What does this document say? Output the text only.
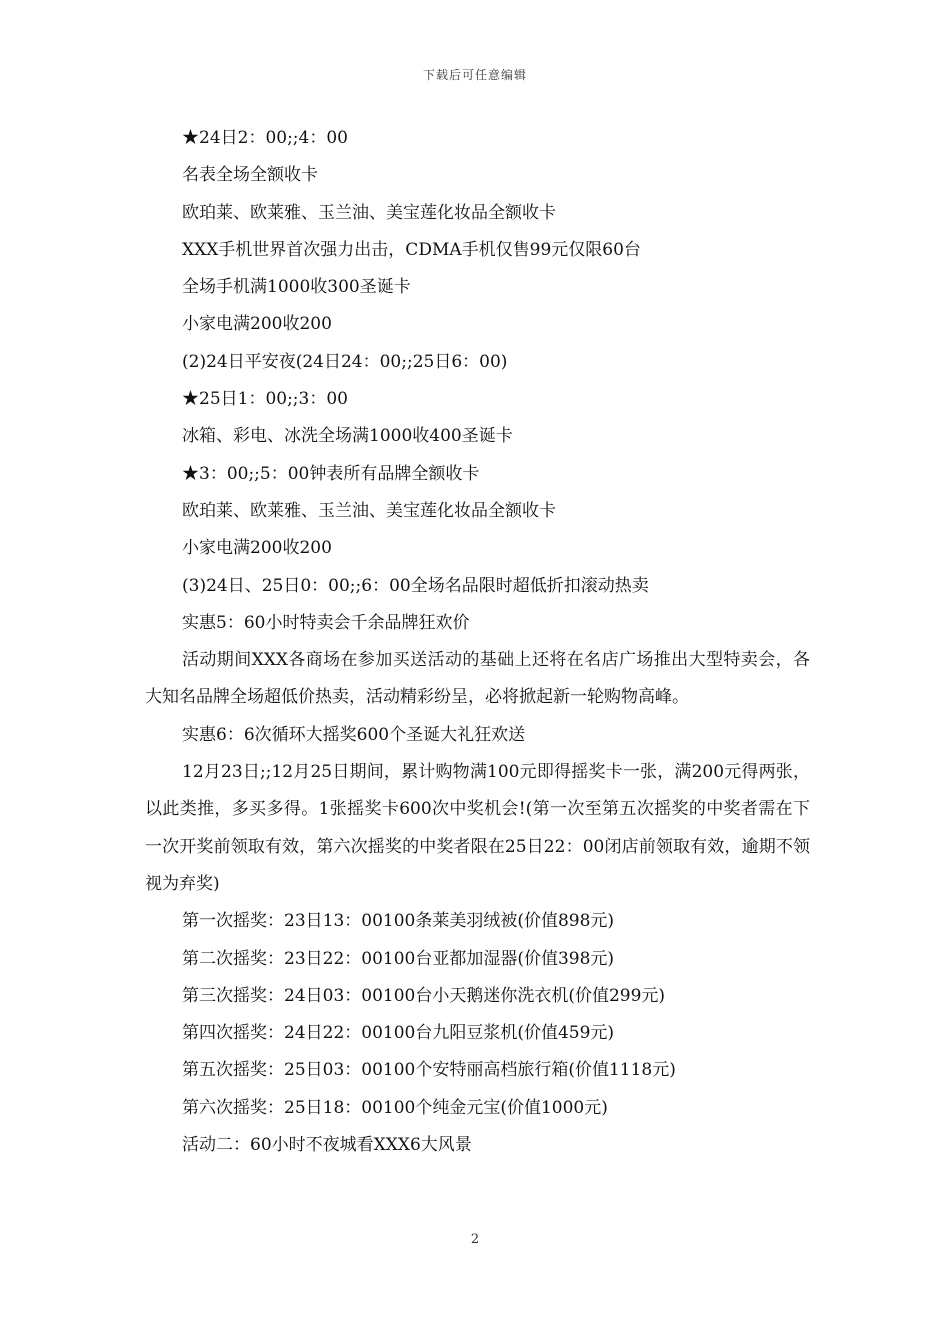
下载后可任意编辑
★24日2：00;;4：00
名表全场全额收卡
欧珀莱、欧莱雅、玉兰油、美宝莲化妆品全额收卡
XXX手机世界首次强力出击，CDMA手机仅售99元仅限60台
全场手机满1000收300圣诞卡
小家电满200收200
(2)24日平安夜(24日24：00;;25日6：00)
★25日1：00;;3：00
冰箱、彩电、冰洗全场满1000收400圣诞卡
★3：00;;5：00钟表所有品牌全额收卡
欧珀莱、欧莱雅、玉兰油、美宝莲化妆品全额收卡
小家电满200收200
(3)24日、25日0：00;;6：00全场名品限时超低折扣滚动热卖
实惠5：60小时特卖会千余品牌狂欢价
活动期间XXX各商场在参加买送活动的基础上还将在名店广场推出大型特卖会，各大知名品牌全场超低价热卖，活动精彩纷呈，必将掀起新一轮购物高峰。
实惠6：6次循环大摇奖600个圣诞大礼狂欢送
12月23日;;12月25日期间，累计购物满100元即得摇奖卡一张，满200元得两张，以此类推，多买多得。1张摇奖卡600次中奖机会!(第一次至第五次摇奖的中奖者需在下一次开奖前领取有效，第六次摇奖的中奖者限在25日22：00闭店前领取有效，逾期不领视为弃奖)
第一次摇奖：23日13：00100条莱美羽绒被(价值898元)
第二次摇奖：23日22：00100台亚都加湿器(价值398元)
第三次摇奖：24日03：00100台小天鹅迷你洗衣机(价值299元)
第四次摇奖：24日22：00100台九阳豆浆机(价值459元)
第五次摇奖：25日03：00100个安特丽高档旅行箱(价值1118元)
第六次摇奖：25日18：00100个纯金元宝(价值1000元)
活动二：60小时不夜城看XXX6大风景
2
